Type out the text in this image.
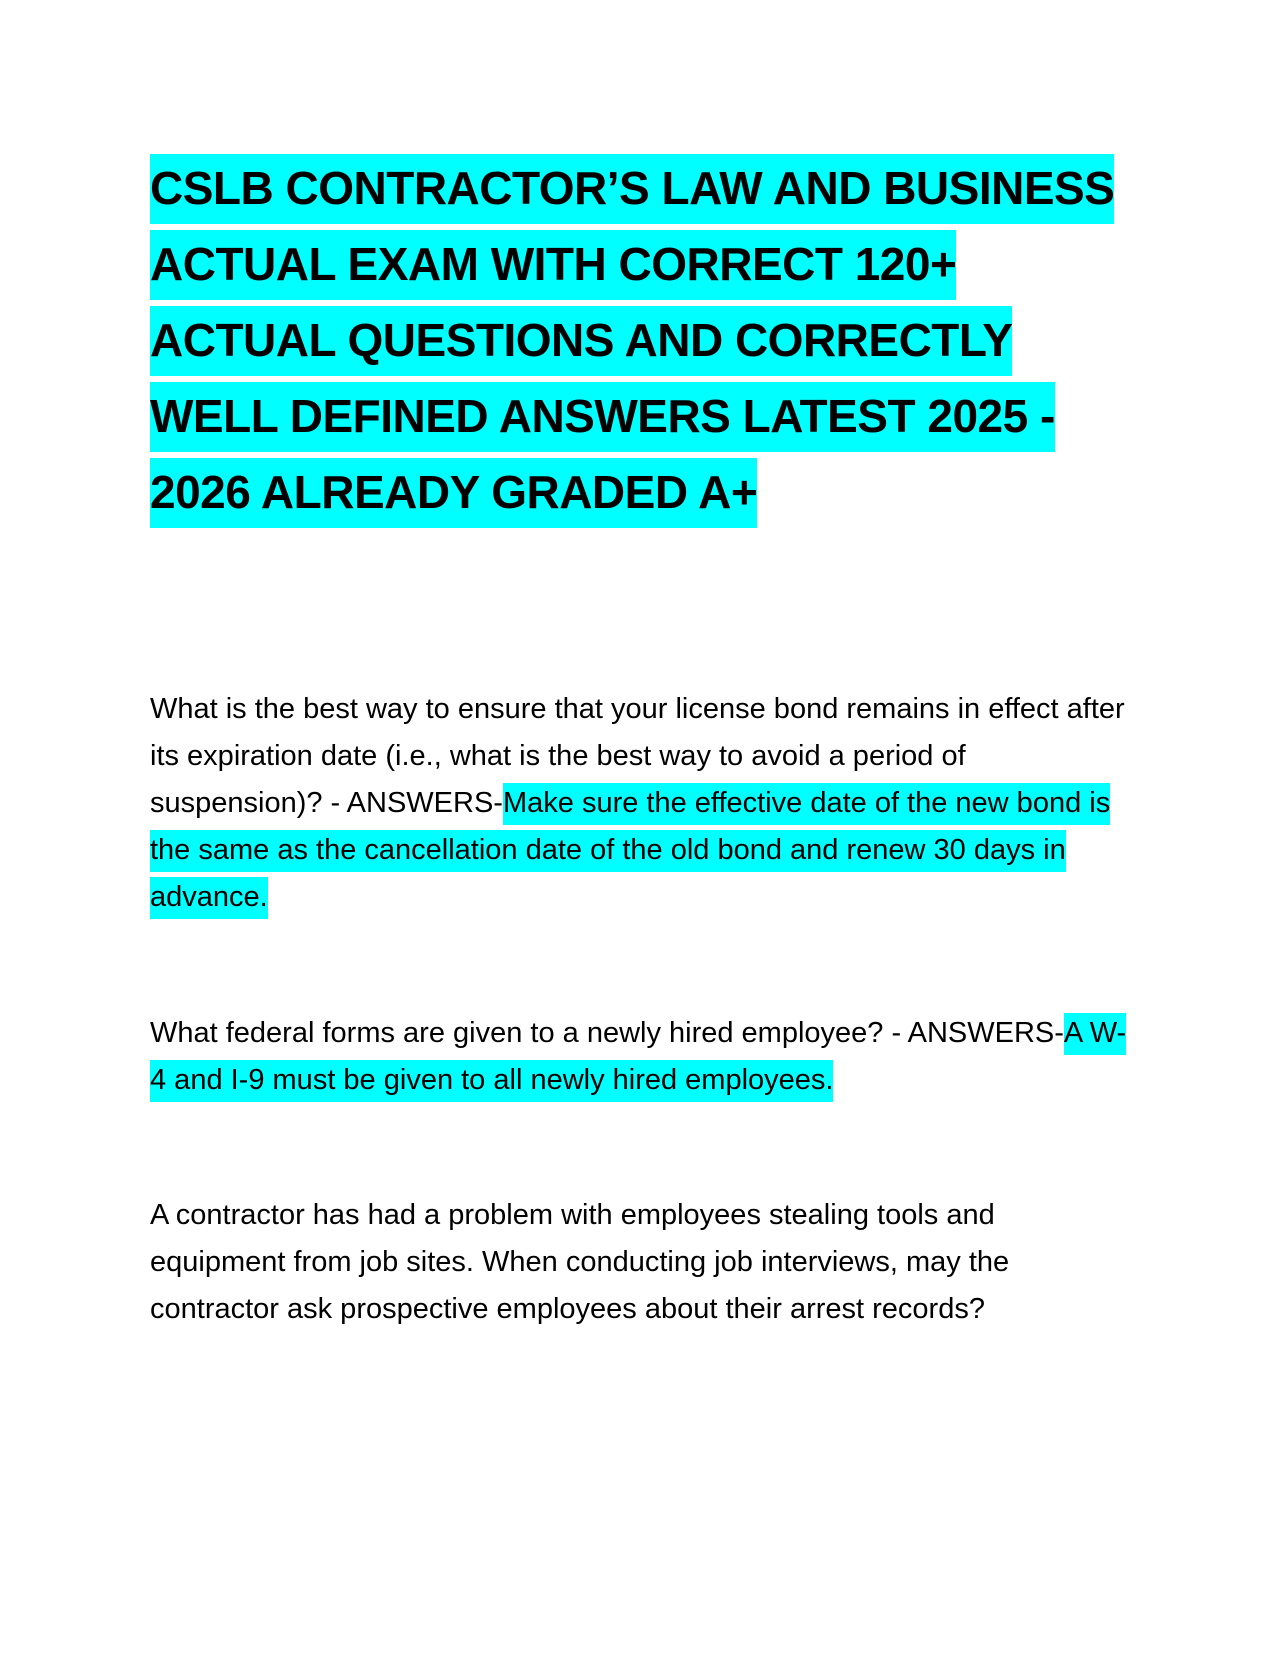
CSLB CONTRACTOR’S LAW AND BUSINESS ACTUAL EXAM WITH CORRECT 120+ ACTUAL QUESTIONS AND CORRECTLY WELL DEFINED ANSWERS LATEST 2025 - 2026 ALREADY GRADED A+

What is the best way to ensure that your license bond remains in effect after its expiration date (i.e., what is the best way to avoid a period of suspension)? - ANSWERS-Make sure the effective date of the new bond is the same as the cancellation date of the old bond and renew 30 days in advance.

What federal forms are given to a newly hired employee? - ANSWERS-A W-4 and I-9 must be given to all newly hired employees.

A contractor has had a problem with employees stealing tools and equipment from job sites. When conducting job interviews, may the contractor ask prospective employees about their arrest records?
